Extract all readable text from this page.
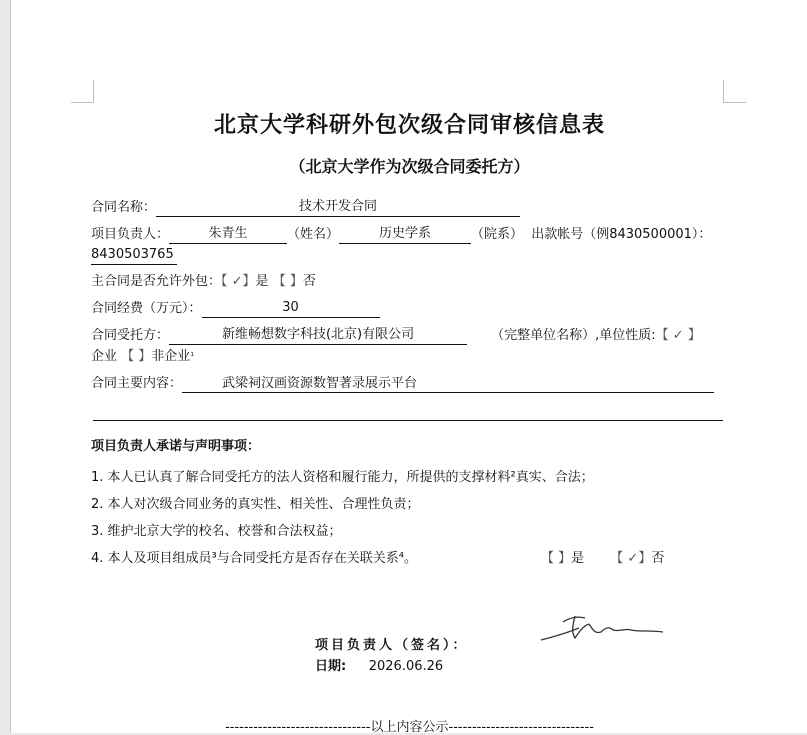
北京大学科研外包次级合同审核信息表
（北京大学作为次级合同委托方）
合同名称：	技术开发合同
项目负责人：	朱青生	（姓名）	历史学系	（院系） 出款帐号（例8430500001）：
8430503765
主合同是否允许外包：【 ✓】是 【 】否
合同经费（万元）：	30
合同受托方：	新维畅想数字科技(北京)有限公司	（完整单位名称）,单位性质:【 ✓ 】
企业 【 】非企业$^{^1}$
合同主要内容：	武梁祠汉画资源数智著录展示平台
项目负责人承诺与声明事项：
1. 本人已认真了解合同受托方的法人资格和履行能力，所提供的支撑材料²真实、合法；
2. 本人对次级合同业务的真实性、相关性、合理性负责；
3. 维护北京大学的校名、校誉和合法权益；
4. 本人及项目组成员³与合同受托方是否存在关联关系⁴。	【 】是 【 ✓】否
项目负责人（签名）：
日期: 2026.06.26
-------------------------------以上内容公示-------------------------------
